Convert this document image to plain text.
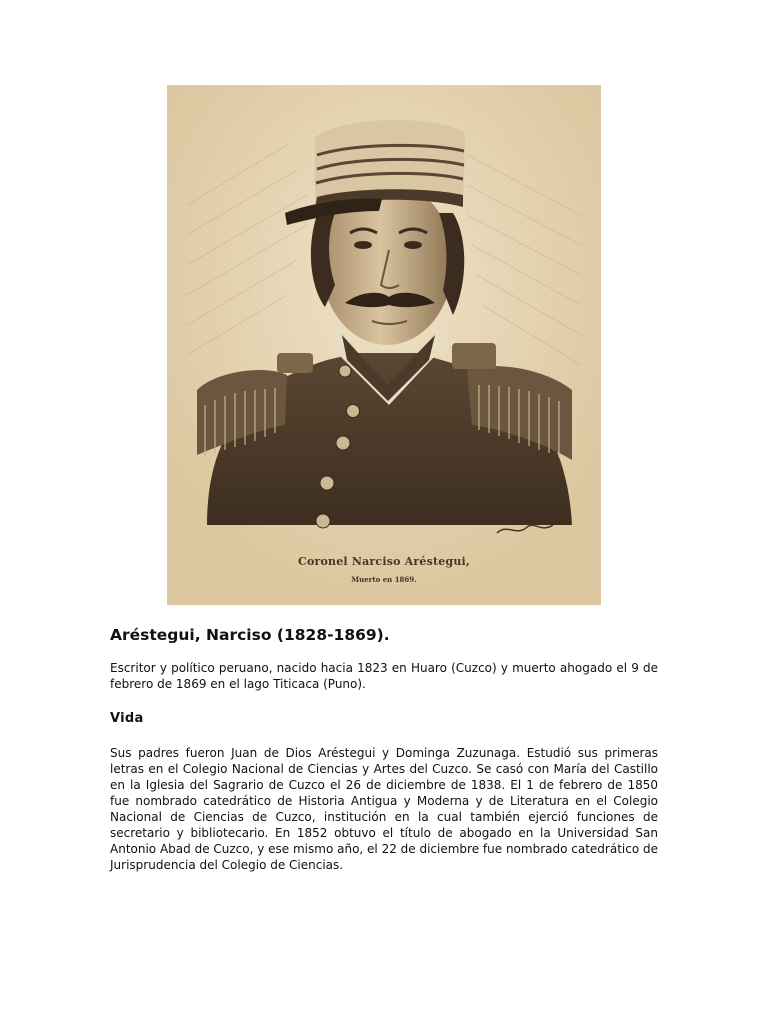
Coronel Narciso Aréstegui,
Muerto en 1869.
Aréstegui, Narciso (1828-1869).

Escritor y político peruano, nacido hacia 1823 en Huaro (Cuzco) y muerto ahogado el 9 de febrero de 1869 en el lago Titicaca (Puno).

Vida

Sus padres fueron Juan de Dios Aréstegui y Dominga Zuzunaga. Estudió sus primeras letras en el Colegio Nacional de Ciencias y Artes del Cuzco. Se casó con María del Castillo en la Iglesia del Sagrario de Cuzco el 26 de diciembre de 1838. El 1 de febrero de 1850 fue nombrado catedrático de Historia Antigua y Moderna y de Literatura en el Colegio Nacional de Ciencias de Cuzco, institución en la cual también ejerció funciones de secretario y bibliotecario. En 1852 obtuvo el título de abogado en la Universidad San Antonio Abad de Cuzco, y ese mismo año, el 22 de diciembre fue nombrado catedrático de Jurisprudencia del Colegio de Ciencias.
